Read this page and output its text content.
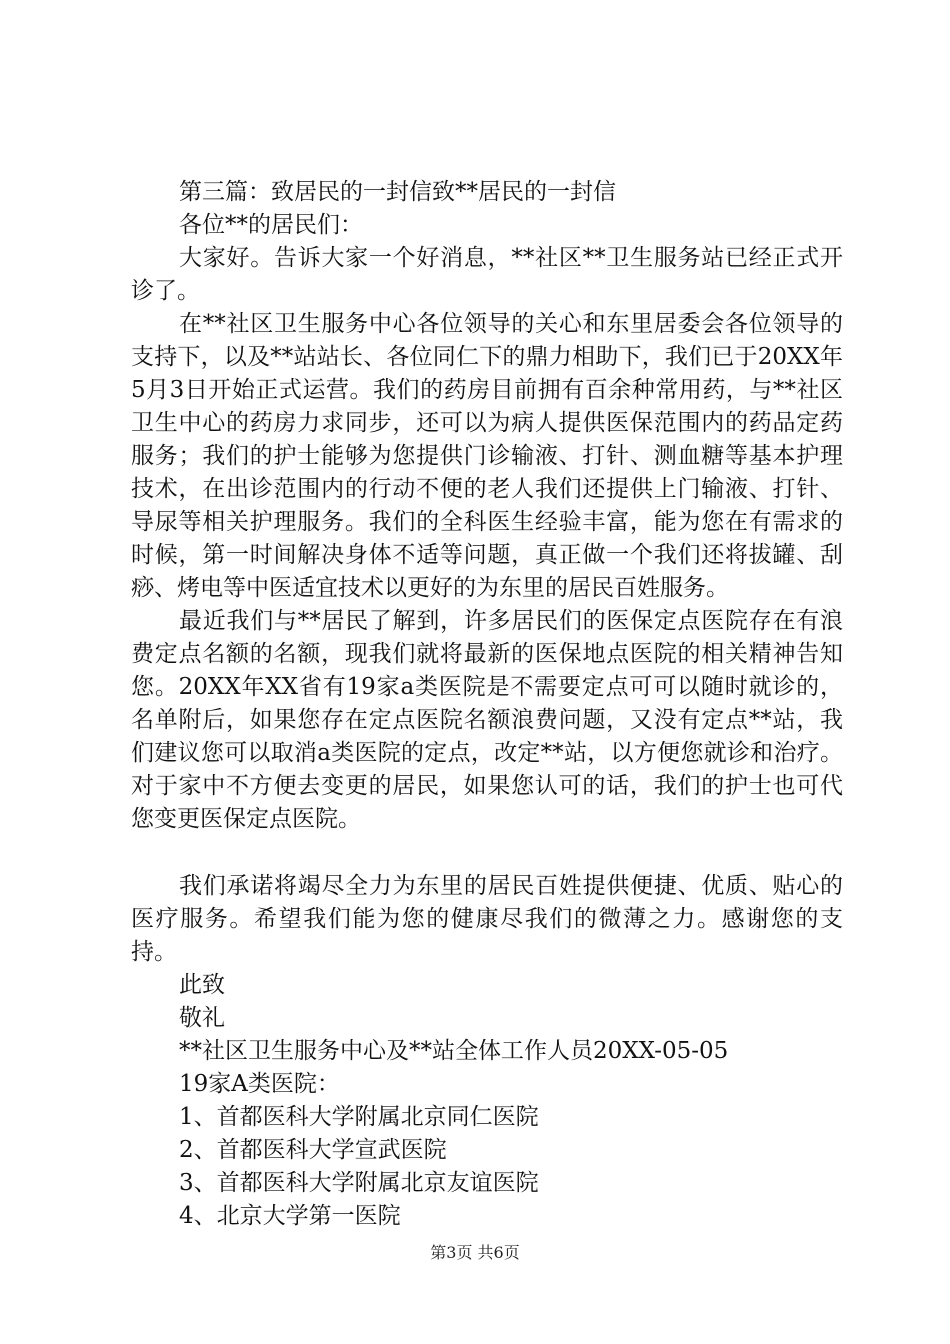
第三篇：致居民的一封信致**居民的一封信
各位**的居民们：

大家好。告诉大家一个好消息，**社区**卫生服务站已经正式开诊了。

在**社区卫生服务中心各位领导的关心和东里居委会各位领导的支持下，以及**站站长、各位同仁下的鼎力相助下，我们已于20XX年5月3日开始正式运营。我们的药房目前拥有百余种常用药，与**社区卫生中心的药房力求同步，还可以为病人提供医保范围内的药品定药服务；我们的护士能够为您提供门诊输液、打针、测血糖等基本护理技术，在出诊范围内的行动不便的老人我们还提供上门输液、打针、导尿等相关护理服务。我们的全科医生经验丰富，能为您在有需求的时候，第一时间解决身体不适等问题，真正做一个我们还将拔罐、刮痧、烤电等中医适宜技术以更好的为东里的居民百姓服务。

最近我们与**居民了解到，许多居民们的医保定点医院存在有浪费定点名额的名额，现我们就将最新的医保地点医院的相关精神告知您。20XX年XX省有19家a类医院是不需要定点可可以随时就诊的，名单附后，如果您存在定点医院名额浪费问题，又没有定点**站，我们建议您可以取消a类医院的定点，改定**站，以方便您就诊和治疗。对于家中不方便去变更的居民，如果您认可的话，我们的护士也可代您变更医保定点医院。

我们承诺将竭尽全力为东里的居民百姓提供便捷、优质、贴心的医疗服务。希望我们能为您的健康尽我们的微薄之力。感谢您的支持。

此致
敬礼
**社区卫生服务中心及**站全体工作人员20XX-05-05
19家A类医院：
1、首都医科大学附属北京同仁医院
2、首都医科大学宣武医院
3、首都医科大学附属北京友谊医院
4、北京大学第一医院
第3页 共6页
